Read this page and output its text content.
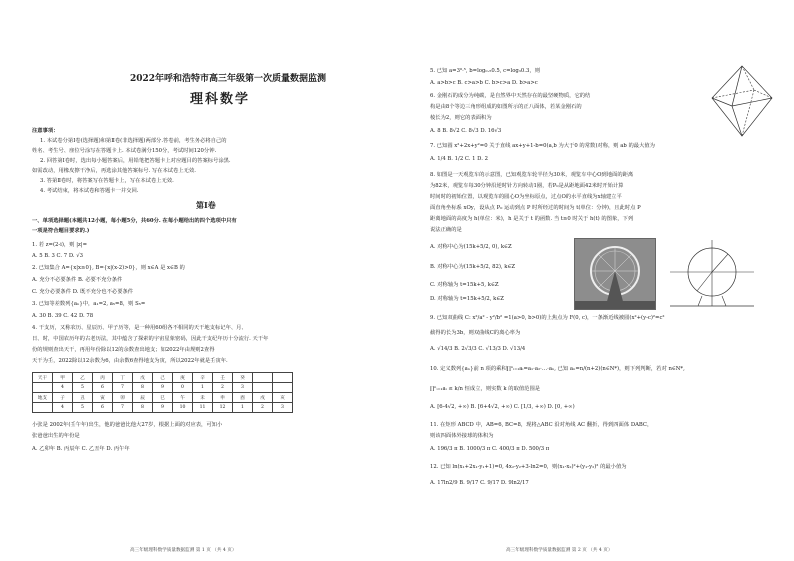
2022年呼和浩特市高三年级第一次质量数据监测
理科数学
注意事项：
1. 本试卷分第Ⅰ卷(选择题)和第Ⅱ卷(非选择题)两部分.答卷前，考生务必将自己的
姓名、考生号、座位号涂写在答题卡上. 本试卷满分150分，考试时间120分钟.
2. 回答第Ⅰ卷时，选出每小题答案后，用铅笔把答题卡上对应题目的答案标号涂黑.
如需改动，用橡皮擦干净后，再选涂其他答案标号. 写在本试卷上无效.
3. 答第Ⅱ卷时，将答案写在答题卡上，写在本试卷上无效.
4. 考试结束，将本试卷和答题卡一并交回.
第Ⅰ卷
一、单项选择题(本题共12小题，每小题5分，共60分. 在每小题给出的四个选项中只有
一项是符合题目要求的.)
1. 若 z=(2-i)，则 |z|=
A. 5 B. 3 C. 7 D. √3
2. 已知集合 A={x|x≥0}, B={x|(x-2)>0}，则 x∈A 是 x∈B 的
A. 充分不必要条件 B. 必要不充分条件
C. 充分必要条件 D. 既不充分也不必要条件
3. 已知等差数列{aₙ}中，a₁=2, a₅=8，则 S₅=
A. 30 B. 39 C. 42 D. 78
4. 干支历，又称农历、星辰历、甲子历等，是一种用60组各不相同的天干地支标记年、月、
日、时，中国农历年的古老历法，其中蕴含了探索的宇宙星象密码，因此干支纪年历十分流行. 天干年
份的规则查出天干，再用年份除以12的余数查出地支；如2022年由规则2查得
天干为壬，2022除以12余数为6，由余数6查得地支为寅，所以2022年就是壬寅年.
天干	甲	乙	丙	丁	戊	己	庚	辛	壬	癸		
	4	5	6	7	8	9	0	1	2	3		
地支	子	丑	寅	卯	辰	巳	午	未	申	酉	戌	亥
	4	5	6	7	8	9	10	11	12	1	2	3
小张是 2002年(壬午年)出生，他的爸爸比他大27岁，根据上面的对应表，可知小
张爸爸出生的年份是
A. 乙卯年 B. 丙辰年 C. 乙丑年 D. 丙午年
高三年级理科数学质量数据监测 第 1 页 （共 4 页）
5. 已知 a=3⁰·⁵, b=log₀.₅0.5, c=log₃0.3，则
A. a>b>c B. c>a>b C. b>c>a D. b>a>c
6. 金刚石的成分为纯碳，是自然界中天然存在的最坚硬物质，它的结
构是由8个等边三角形组成的如图所示的正八面体，若某金刚石的
棱长为2，则它的表面积为
A. 8 B. 8√2 C. 8√3 D. 16√3
7. 已知圆 x²+2x+y²=0 关于直线 ax+y+1-b=0(a,b 为大于0 的常数)对称，则 ab 的最大值为
A. 1/4 B. 1/2 C. 1 D. 2
8. 如图是一天观览车的示意图，已知观览车轮半径为30米，观览车中心O到地面的距离
为82米，观览车每30分钟沿逆时针方向转动1圈，若P₀是从距地面42米时开始计算
时间时的初始位置，以观览车的圆心O为坐标原点，过点O的水平直线为x轴建立平
面直角坐标系 xOy，设从点 P₀ 运动到点 P 时所经过的时间为 t(单位：分钟)，且此时点 P
距离地面的高度为 h(单位：米)，h 是关于 t 的函数. 当 t≥0 时关于 h(t) 的图象，下列
说法正确的是
A. 对称中心为(15k+5/2, 0), k∈Z
B. 对称中心为(15k+5/2, 82), k∈Z
C. 对称轴为 t=15k+5, k∈Z
D. 对称轴为 t=15k+5/2, k∈Z
9. 已知双曲线 C: x²/a² - y²/b² =1(a>0, b>0)的上焦点为 F(0, c)，一条渐近线被圆(x²+(y-c)²=c²
截得的长为3b，则双曲线C的离心率为
A. √14/3 B. 2√3/3 C. √13/3 D. √13/4
10. 定义数列{aₙ}前 n 项的乘积∏ⁿᵢ₌₁aᵢ=a₁·a₂·…·aₙ, 已知 aₙ=n/(n+2)(n∈N*)，则下列判断，若对 n∈N*,
∏ⁿᵢ₌₁aᵢ ≤ k/n 恒成立，则实数 k 的取值范围是
A. [6-4√2, +∞) B. [6+4√2, +∞) C. [1/3, +∞) D. [0, +∞)
11. 在矩形 ABCD 中，AB=6, BC=8，现将△ABC 沿对角线 AC 翻折，得到四面体 DABC，
则该四面体外接球的体积为
A. 196/3 π B. 1000/3 π C. 400/3 π D. 500/3 π
12. 已知 ln(x₁+2x₁-y₁+1)=0, 4x₂-y₂+3-ln2=0，则(x₁-x₂)²+(y₁-y₂)² 的最小值为
A. 17ln2/9 B. 9/17 C. 9/17 D. 9ln2/17
高三年级理科数学质量数据监测 第 2 页 （共 4 页）
